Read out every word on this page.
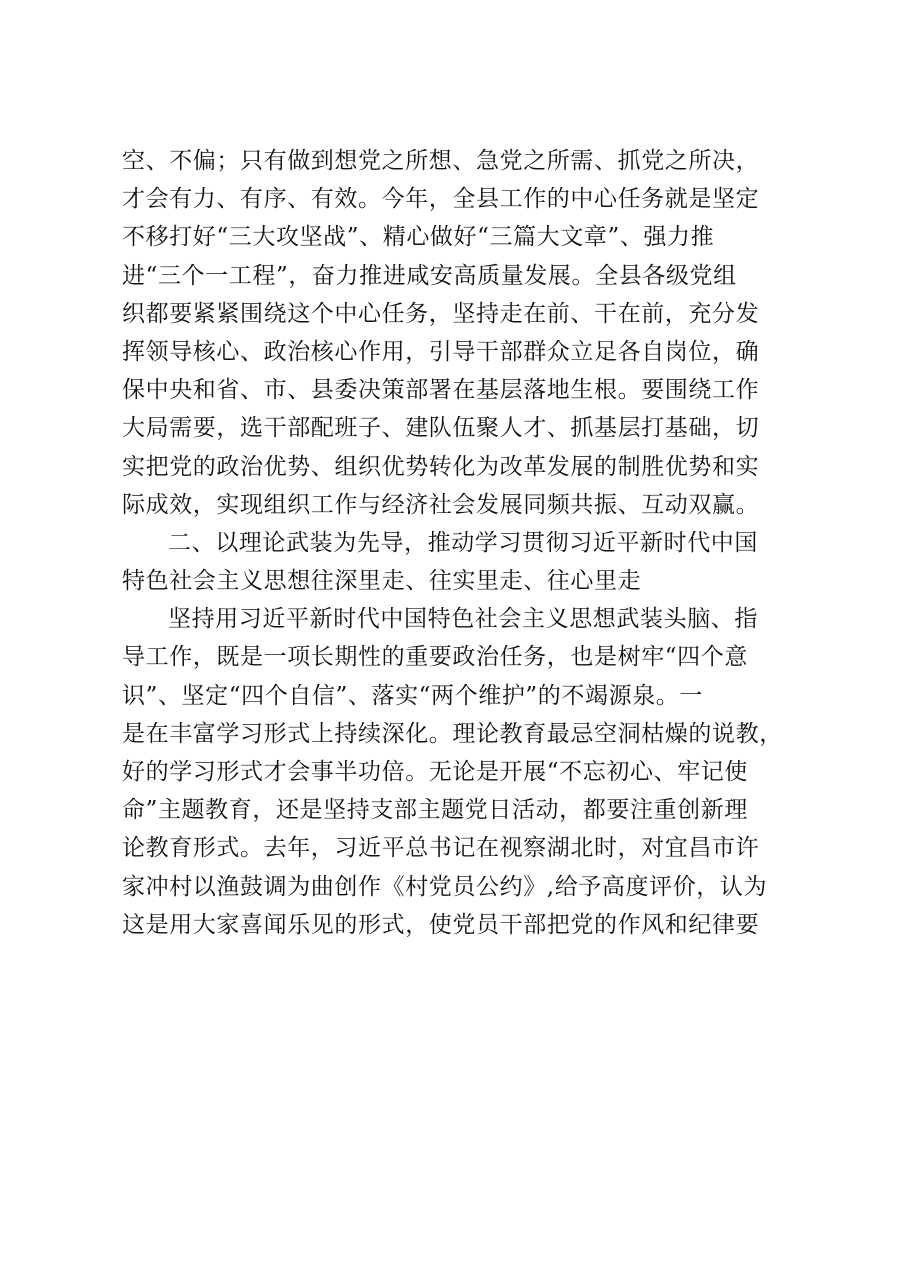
空、不偏；只有做到想党之所想、急党之所需、抓党之所决，
才会有力、有序、有效。今年，全县工作的中心任务就是坚定
不移打好“三大攻坚战”、精心做好“三篇大文章”、强力推
进“三个一工程”，奋力推进咸安高质量发展。全县各级党组
织都要紧紧围绕这个中心任务，坚持走在前、干在前，充分发
挥领导核心、政治核心作用，引导干部群众立足各自岗位，确
保中央和省、市、县委决策部署在基层落地生根。要围绕工作
大局需要，选干部配班子、建队伍聚人才、抓基层打基础，切
实把党的政治优势、组织优势转化为改革发展的制胜优势和实
际成效，实现组织工作与经济社会发展同频共振、互动双赢。
二、以理论武装为先导，推动学习贯彻习近平新时代中国
特色社会主义思想往深里走、往实里走、往心里走
坚持用习近平新时代中国特色社会主义思想武装头脑、指
导工作，既是一项长期性的重要政治任务，也是树牢“四个意
识”、坚定“四个自信”、落实“两个维护”的不竭源泉。一
是在丰富学习形式上持续深化。理论教育最忌空洞枯燥的说教，
好的学习形式才会事半功倍。无论是开展“不忘初心、牢记使
命”主题教育，还是坚持支部主题党日活动，都要注重创新理
论教育形式。去年，习近平总书记在视察湖北时，对宜昌市许
家冲村以渔鼓调为曲创作《村党员公约》,给予高度评价，认为
这是用大家喜闻乐见的形式，使党员干部把党的作风和纪律要
